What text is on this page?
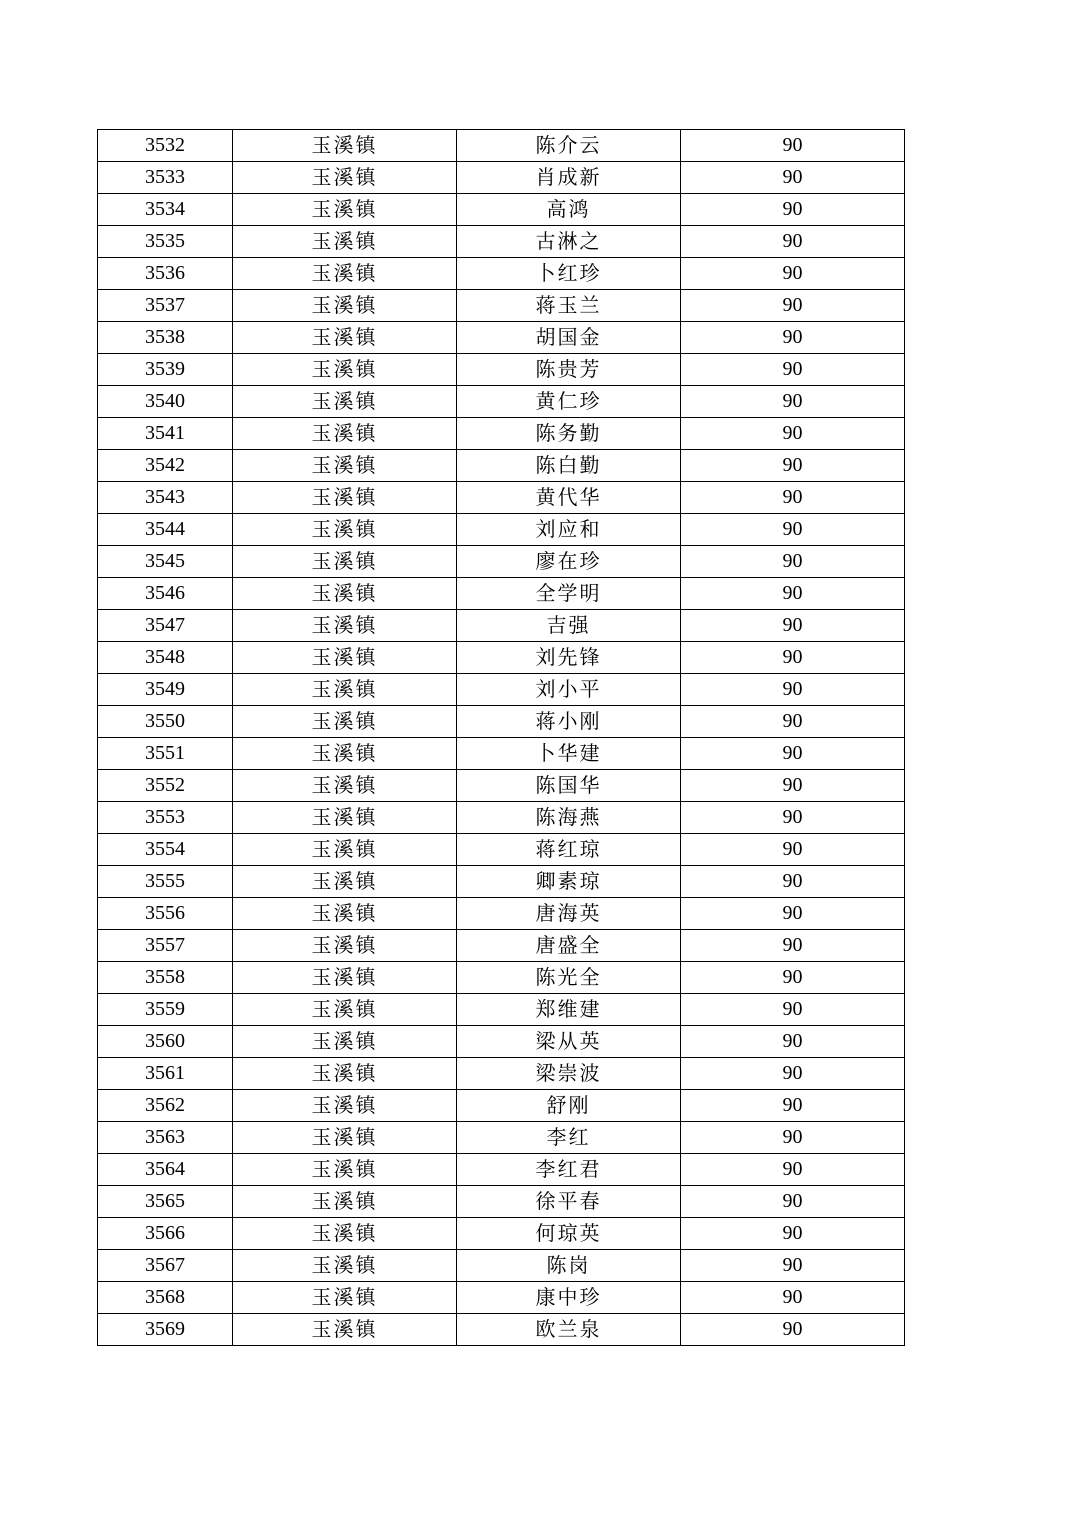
3532	玉溪镇	陈介云	90
3533	玉溪镇	肖成新	90
3534	玉溪镇	高鸿	90
3535	玉溪镇	古淋之	90
3536	玉溪镇	卜红珍	90
3537	玉溪镇	蒋玉兰	90
3538	玉溪镇	胡国金	90
3539	玉溪镇	陈贵芳	90
3540	玉溪镇	黄仁珍	90
3541	玉溪镇	陈务勤	90
3542	玉溪镇	陈白勤	90
3543	玉溪镇	黄代华	90
3544	玉溪镇	刘应和	90
3545	玉溪镇	廖在珍	90
3546	玉溪镇	全学明	90
3547	玉溪镇	吉强	90
3548	玉溪镇	刘先锋	90
3549	玉溪镇	刘小平	90
3550	玉溪镇	蒋小刚	90
3551	玉溪镇	卜华建	90
3552	玉溪镇	陈国华	90
3553	玉溪镇	陈海燕	90
3554	玉溪镇	蒋红琼	90
3555	玉溪镇	卿素琼	90
3556	玉溪镇	唐海英	90
3557	玉溪镇	唐盛全	90
3558	玉溪镇	陈光全	90
3559	玉溪镇	郑维建	90
3560	玉溪镇	梁从英	90
3561	玉溪镇	梁崇波	90
3562	玉溪镇	舒刚	90
3563	玉溪镇	李红	90
3564	玉溪镇	李红君	90
3565	玉溪镇	徐平春	90
3566	玉溪镇	何琼英	90
3567	玉溪镇	陈岗	90
3568	玉溪镇	康中珍	90
3569	玉溪镇	欧兰泉	90
